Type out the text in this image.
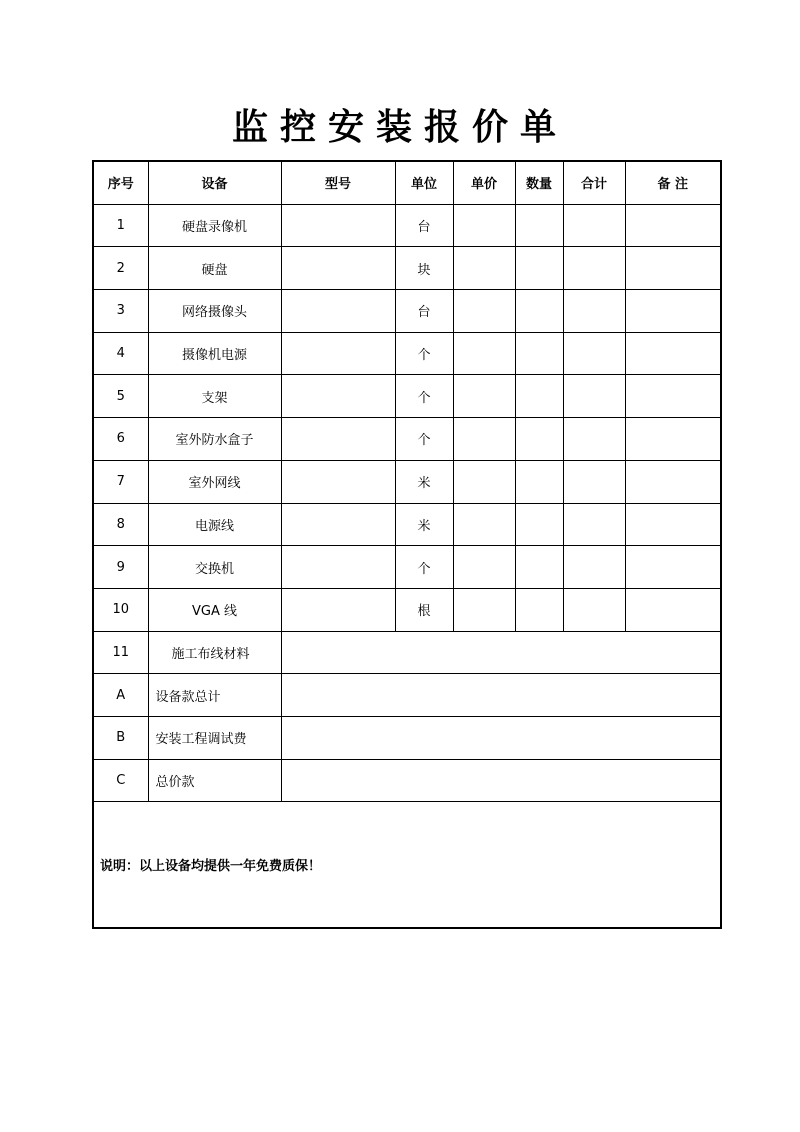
监控安装报价单
序号	设备	型号	单位	单价	数量	合计	备 注
1	硬盘录像机		台				
2	硬盘		块				
3	网络摄像头		台				
4	摄像机电源		个				
5	支架		个				
6	室外防水盒子		个				
7	室外网线		米				
8	电源线		米				
9	交换机		个				
10	VGA 线		根				
11	施工布线材料						
A	设备款总计						
B	安装工程调试费						
C	总价款						
说明：以上设备均提供一年免费质保！							
